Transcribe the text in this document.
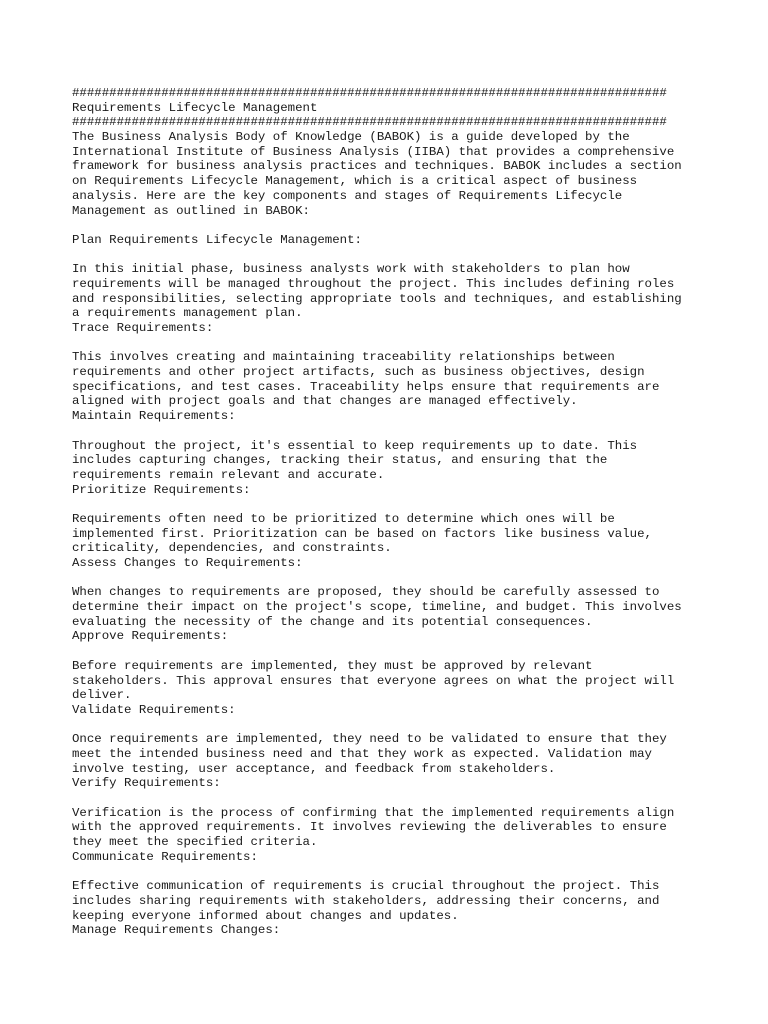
################################################################################
Requirements Lifecycle Management
################################################################################
The Business Analysis Body of Knowledge (BABOK) is a guide developed by the
International Institute of Business Analysis (IIBA) that provides a comprehensive
framework for business analysis practices and techniques. BABOK includes a section
on Requirements Lifecycle Management, which is a critical aspect of business
analysis. Here are the key components and stages of Requirements Lifecycle
Management as outlined in BABOK:
Plan Requirements Lifecycle Management:
In this initial phase, business analysts work with stakeholders to plan how
requirements will be managed throughout the project. This includes defining roles
and responsibilities, selecting appropriate tools and techniques, and establishing
a requirements management plan.
Trace Requirements:
This involves creating and maintaining traceability relationships between
requirements and other project artifacts, such as business objectives, design
specifications, and test cases. Traceability helps ensure that requirements are
aligned with project goals and that changes are managed effectively.
Maintain Requirements:
Throughout the project, it's essential to keep requirements up to date. This
includes capturing changes, tracking their status, and ensuring that the
requirements remain relevant and accurate.
Prioritize Requirements:
Requirements often need to be prioritized to determine which ones will be
implemented first. Prioritization can be based on factors like business value,
criticality, dependencies, and constraints.
Assess Changes to Requirements:
When changes to requirements are proposed, they should be carefully assessed to
determine their impact on the project's scope, timeline, and budget. This involves
evaluating the necessity of the change and its potential consequences.
Approve Requirements:
Before requirements are implemented, they must be approved by relevant
stakeholders. This approval ensures that everyone agrees on what the project will
deliver.
Validate Requirements:
Once requirements are implemented, they need to be validated to ensure that they
meet the intended business need and that they work as expected. Validation may
involve testing, user acceptance, and feedback from stakeholders.
Verify Requirements:
Verification is the process of confirming that the implemented requirements align
with the approved requirements. It involves reviewing the deliverables to ensure
they meet the specified criteria.
Communicate Requirements:
Effective communication of requirements is crucial throughout the project. This
includes sharing requirements with stakeholders, addressing their concerns, and
keeping everyone informed about changes and updates.
Manage Requirements Changes:
